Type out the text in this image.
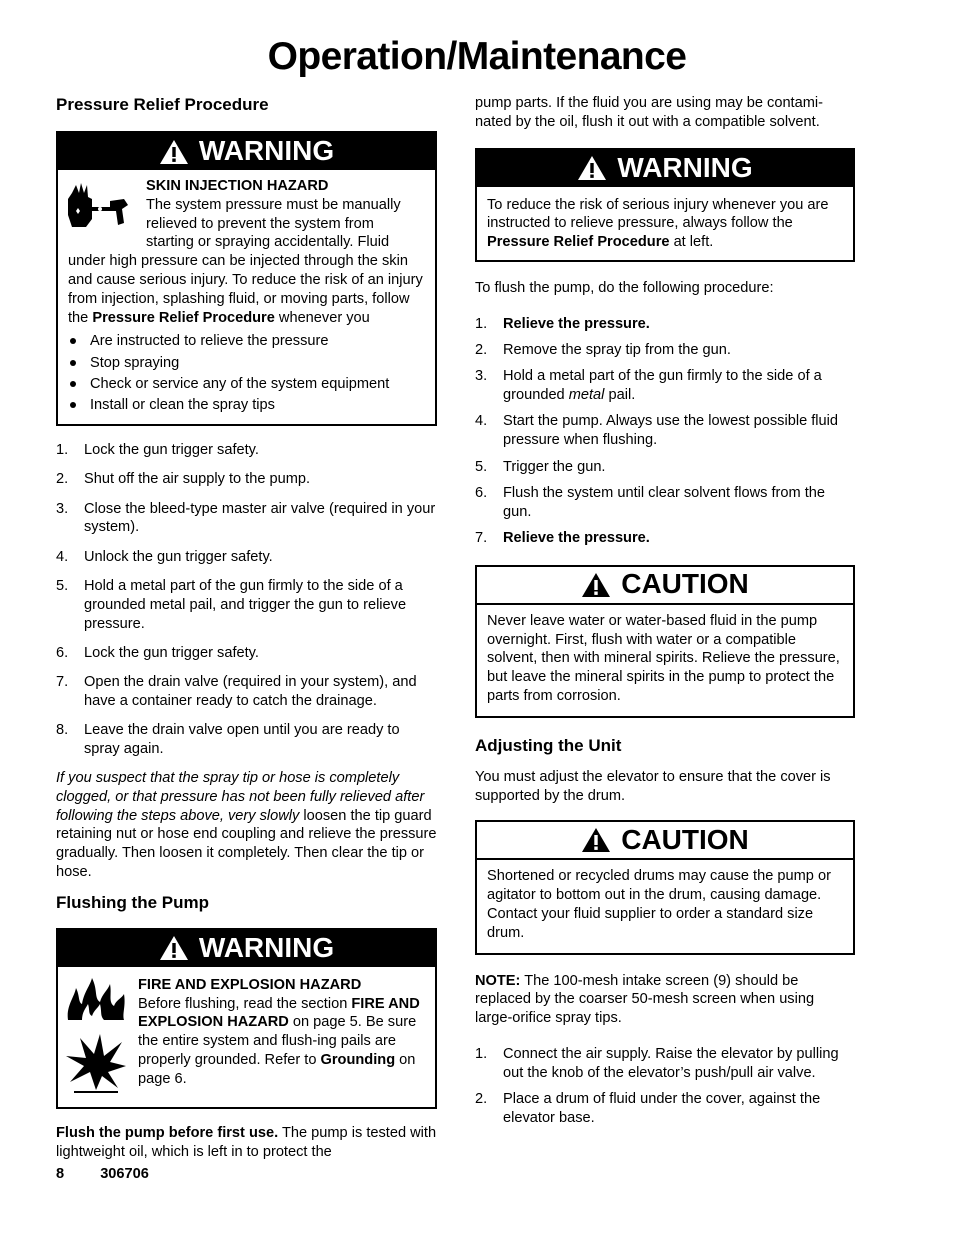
Operation/Maintenance
Pressure Relief Procedure
WARNING
SKIN INJECTION HAZARD

The system pressure must be manually relieved to prevent the system from starting or spraying accidentally. Fluid under high pressure can be injected through the skin and cause serious injury. To reduce the risk of an injury from injection, splashing fluid, or moving parts, follow the Pressure Relief Procedure whenever you

Are instructed to relieve the pressure
Stop spraying
Check or service any of the system equipment
Install or clean the spray tips
1. Lock the gun trigger safety.
2. Shut off the air supply to the pump.
3. Close the bleed-type master air valve (required in your system).
4. Unlock the gun trigger safety.
5. Hold a metal part of the gun firmly to the side of a grounded metal pail, and trigger the gun to relieve pressure.
6. Lock the gun trigger safety.
7. Open the drain valve (required in your system), and have a container ready to catch the drainage.
8. Leave the drain valve open until you are ready to spray again.

If you suspect that the spray tip or hose is completely clogged, or that pressure has not been fully relieved after following the steps above, very slowly loosen the tip guard retaining nut or hose end coupling and relieve the pressure gradually. Then loosen it completely. Then clear the tip or hose.

Flushing the Pump
WARNING

FIRE AND EXPLOSION HAZARD

Before flushing, read the section FIRE AND EXPLOSION HAZARD on page 5. Be sure the entire system and flush-ing pails are properly grounded. Refer to Grounding on page 6.

Flush the pump before first use. The pump is tested with lightweight oil, which is left in to protect the

pump parts. If the fluid you are using may be contami-nated by the oil, flush it out with a compatible solvent.

WARNING

To reduce the risk of serious injury whenever you are instructed to relieve pressure, always follow the Pressure Relief Procedure at left.

To flush the pump, do the following procedure:

1. Relieve the pressure.
2. Remove the spray tip from the gun.
3. Hold a metal part of the gun firmly to the side of a grounded metal pail.
4. Start the pump. Always use the lowest possible fluid pressure when flushing.
5. Trigger the gun.
6. Flush the system until clear solvent flows from the gun.
7. Relieve the pressure.
CAUTION

Never leave water or water-based fluid in the pump overnight. First, flush with water or a compatible solvent, then with mineral spirits. Relieve the pressure, but leave the mineral spirits in the pump to protect the parts from corrosion.

Adjusting the Unit

You must adjust the elevator to ensure that the cover is supported by the drum.

CAUTION

Shortened or recycled drums may cause the pump or agitator to bottom out in the drum, causing damage. Contact your fluid supplier to order a standard size drum.

NOTE: The 100-mesh intake screen (9) should be replaced by the coarser 50-mesh screen when using large-orifice spray tips.

1. Connect the air supply. Raise the elevator by pulling out the knob of the elevator’s push/pull air valve.
2. Place a drum of fluid under the cover, against the elevator base.
8 306706
